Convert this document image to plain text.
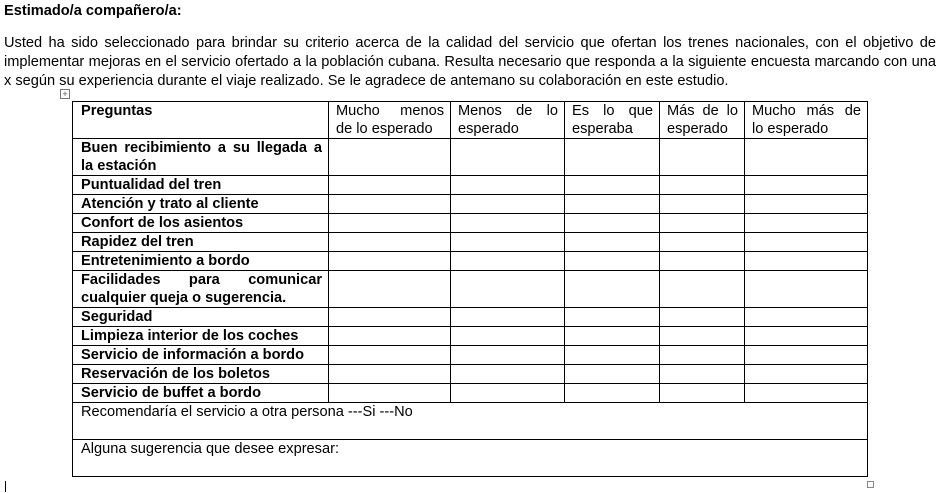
Estimado/a compañero/a:
Usted ha sido seleccionado para brindar su criterio acerca de la calidad del servicio que ofertan los trenes nacionales, con el objetivo de implementar mejoras en el servicio ofertado a la población cubana. Resulta necesario que responda a la siguiente encuesta marcando con una x según su experiencia durante el viaje realizado. Se le agradece de antemano su colaboración en este estudio.
+
Preguntas	Mucho menos de lo esperado	Menos de lo esperado	Es lo que esperaba	Más de lo esperado	Mucho más de lo esperado
Buen recibimiento a su llegada a la estación					
Puntualidad del tren					
Atención y trato al cliente					
Confort de los asientos					
Rapidez del tren					
Entretenimiento a bordo					
Facilidades para comunicar cualquier queja o sugerencia.					
Seguridad					
Limpieza interior de los coches					
Servicio de información a bordo					
Reservación de los boletos					
Servicio de buffet a bordo					
Recomendaría el servicio a otra persona ---Si ---No					
Alguna sugerencia que desee expresar:					
